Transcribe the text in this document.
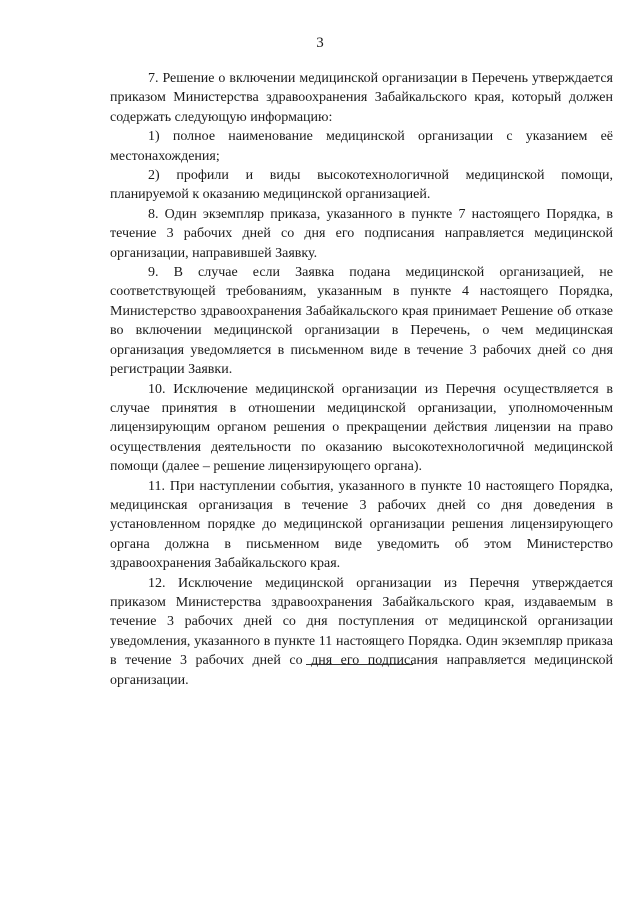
3

7. Решение о включении медицинской организации в Перечень утверждается приказом Министерства здравоохранения Забайкальского края, который должен содержать следующую информацию:

1) полное наименование медицинской организации с указанием её местонахождения;

2) профили и виды высокотехнологичной медицинской помощи, планируемой к оказанию медицинской организацией.

8. Один экземпляр приказа, указанного в пункте 7 настоящего Порядка, в течение 3 рабочих дней со дня его подписания направляется медицинской организации, направившей Заявку.

9. В случае если Заявка подана медицинской организацией, не соответствующей требованиям, указанным в пункте 4 настоящего Порядка, Министерство здравоохранения Забайкальского края принимает Решение об отказе во включении медицинской организации в Перечень, о чем медицинская организация уведомляется в письменном виде в течение 3 рабочих дней со дня регистрации Заявки.

10. Исключение медицинской организации из Перечня осуществляется в случае принятия в отношении медицинской организации, уполномоченным лицензирующим органом решения о прекращении действия лицензии на право осуществления деятельности по оказанию высокотехнологичной медицинской помощи (далее – решение лицензирующего органа).

11. При наступлении события, указанного в пункте 10 настоящего Порядка, медицинская организация в течение 3 рабочих дней со дня доведения в установленном порядке до медицинской организации решения лицензирующего органа должна в письменном виде уведомить об этом Министерство здравоохранения Забайкальского края.

12. Исключение медицинской организации из Перечня утверждается приказом Министерства здравоохранения Забайкальского края, издаваемым в течение 3 рабочих дней со дня поступления от медицинской организации уведомления, указанного в пункте 11 настоящего Порядка. Один экземпляр приказа в течение 3 рабочих дней со дня его подписания направляется медицинской организации.
